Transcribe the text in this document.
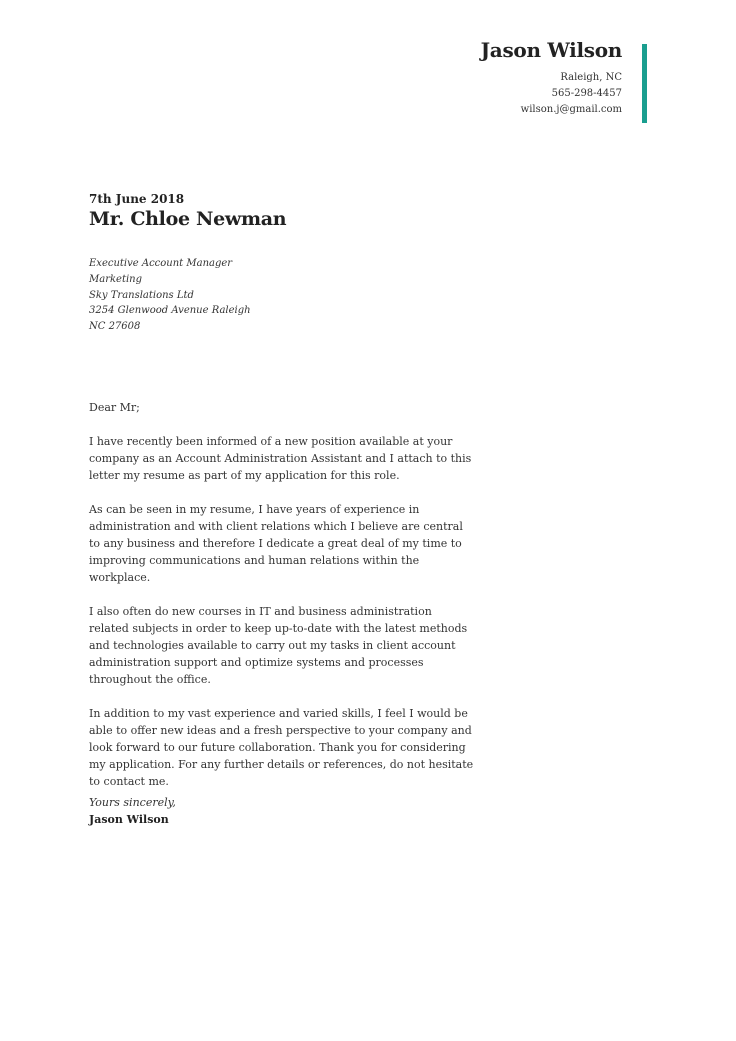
Jason Wilson
Raleigh, NC
565-298-4457
wilson.j@gmail.com
7th June 2018
Mr. Chloe Newman
Executive Account Manager
Marketing
Sky Translations Ltd
3254 Glenwood Avenue Raleigh
NC 27608

Dear Mr;

I have recently been informed of a new position available at your company as an Account Administration Assistant and I attach to this letter my resume as part of my application for this role.

As can be seen in my resume, I have years of experience in administration and with client relations which I believe are central to any business and therefore I dedicate a great deal of my time to improving communications and human relations within the workplace.

I also often do new courses in IT and business administration related subjects in order to keep up-to-date with the latest methods and technologies available to carry out my tasks in client account administration support and optimize systems and processes throughout the office.

In addition to my vast experience and varied skills, I feel I would be able to offer new ideas and a fresh perspective to your company and look forward to our future collaboration. Thank you for considering my application. For any further details or references, do not hesitate to contact me.

Yours sincerely,
Jason Wilson
